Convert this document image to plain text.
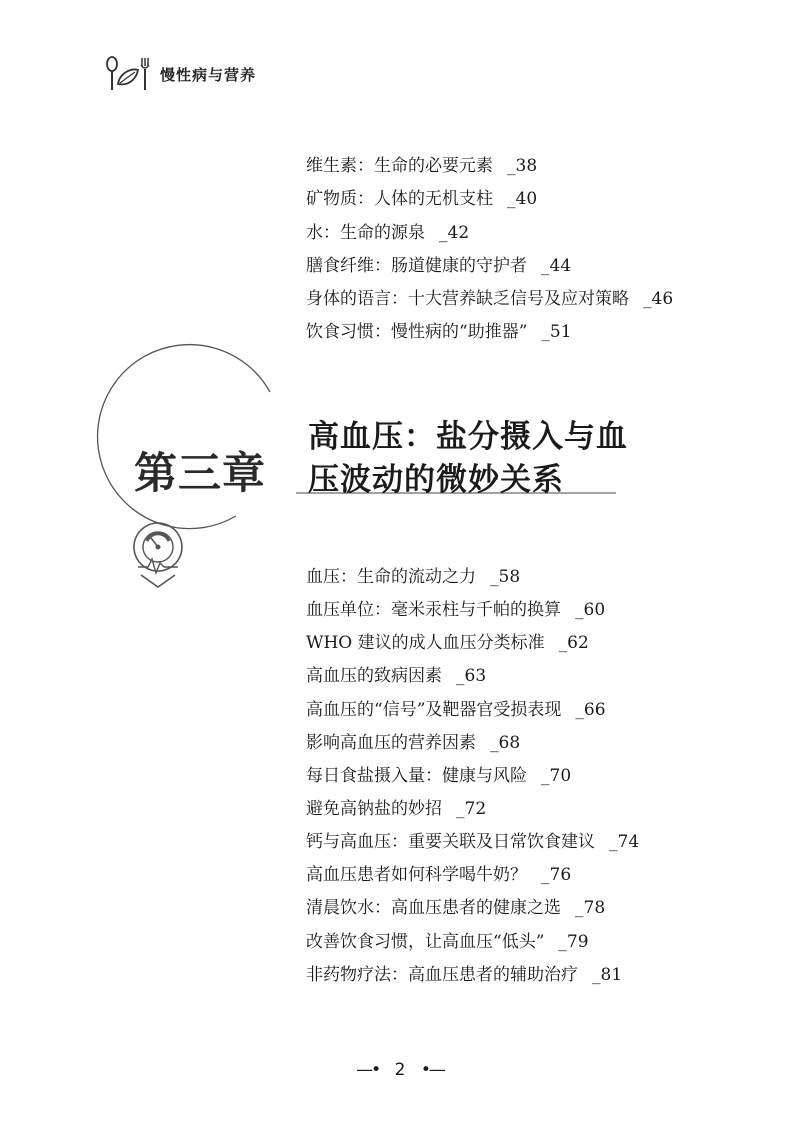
慢性病与营养
维生素：生命的必要元素 _38
矿物质：人体的无机支柱 _40
水：生命的源泉 _42
膳食纤维：肠道健康的守护者 _44
身体的语言：十大营养缺乏信号及应对策略 _46
饮食习惯：慢性病的“助推器” _51
第三章
高血压：盐分摄入与血
压波动的微妙关系
血压：生命的流动之力 _58
血压单位：毫米汞柱与千帕的换算 _60
WHO 建议的成人血压分类标准 _62
高血压的致病因素 _63
高血压的“信号”及靶器官受损表现 _66
影响高血压的营养因素 _68
每日食盐摄入量：健康与风险 _70
避免高钠盐的妙招 _72
钙与高血压：重要关联及日常饮食建议 _74
高血压患者如何科学喝牛奶？ _76
清晨饮水：高血压患者的健康之选 _78
改善饮食习惯，让高血压“低头” _79
非药物疗法：高血压患者的辅助治疗 _81
—• 2 •—
